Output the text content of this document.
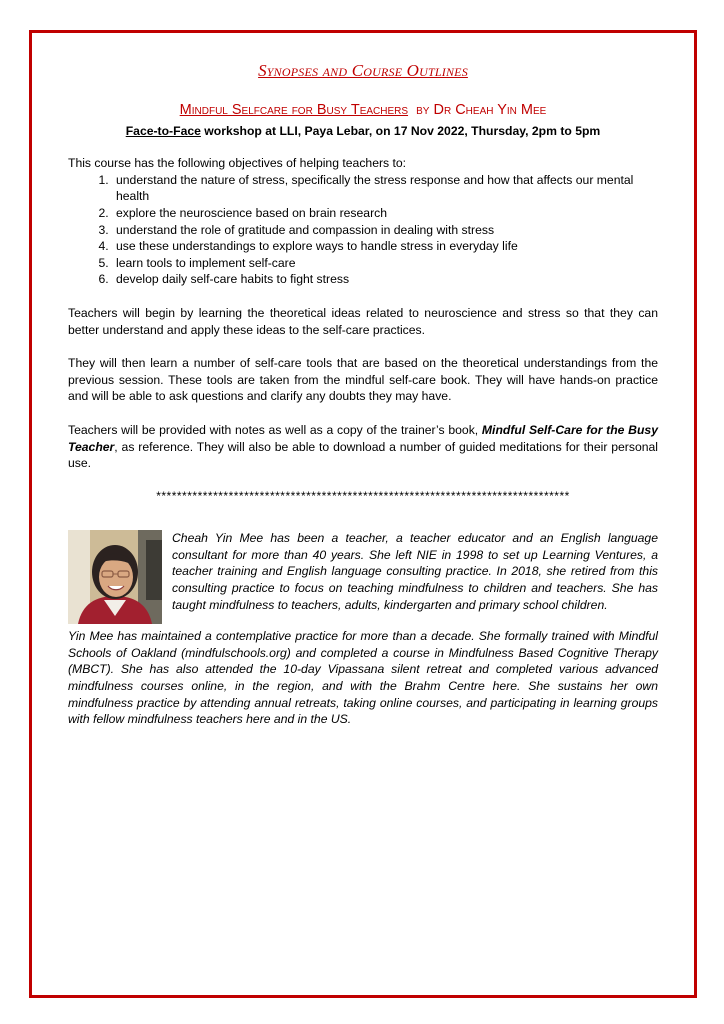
Synopses and Course Outlines
Mindful Selfcare for Busy Teachers by Dr Cheah Yin Mee
Face-to-Face workshop at LLI, Paya Lebar, on 17 Nov 2022, Thursday, 2pm to 5pm
This course has the following objectives of helping teachers to:
1. understand the nature of stress, specifically the stress response and how that affects our mental health
2. explore the neuroscience based on brain research
3. understand the role of gratitude and compassion in dealing with stress
4. use these understandings to explore ways to handle stress in everyday life
5. learn tools to implement self-care
6. develop daily self-care habits to fight stress

Teachers will begin by learning the theoretical ideas related to neuroscience and stress so that they can better understand and apply these ideas to the self-care practices.

They will then learn a number of self-care tools that are based on the theoretical understandings from the previous session. These tools are taken from the mindful self-care book. They will have hands-on practice and will be able to ask questions and clarify any doubts they may have.

Teachers will be provided with notes as well as a copy of the trainer’s book, Mindful Self-Care for the Busy Teacher, as reference. They will also be able to download a number of guided meditations for their personal use.

********************************************************************************

Cheah Yin Mee has been a teacher, a teacher educator and an English language consultant for more than 40 years. She left NIE in 1998 to set up Learning Ventures, a teacher training and English language consulting practice. In 2018, she retired from this consulting practice to focus on teaching mindfulness to children and teachers. She has taught mindfulness to teachers, adults, kindergarten and primary school children.

Yin Mee has maintained a contemplative practice for more than a decade. She formally trained with Mindful Schools of Oakland (mindfulschools.org) and completed a course in Mindfulness Based Cognitive Therapy (MBCT). She has also attended the 10-day Vipassana silent retreat and completed various advanced mindfulness courses online, in the region, and with the Brahm Centre here. She sustains her own mindfulness practice by attending annual retreats, taking online courses, and participating in learning groups with fellow mindfulness teachers here and in the US.
